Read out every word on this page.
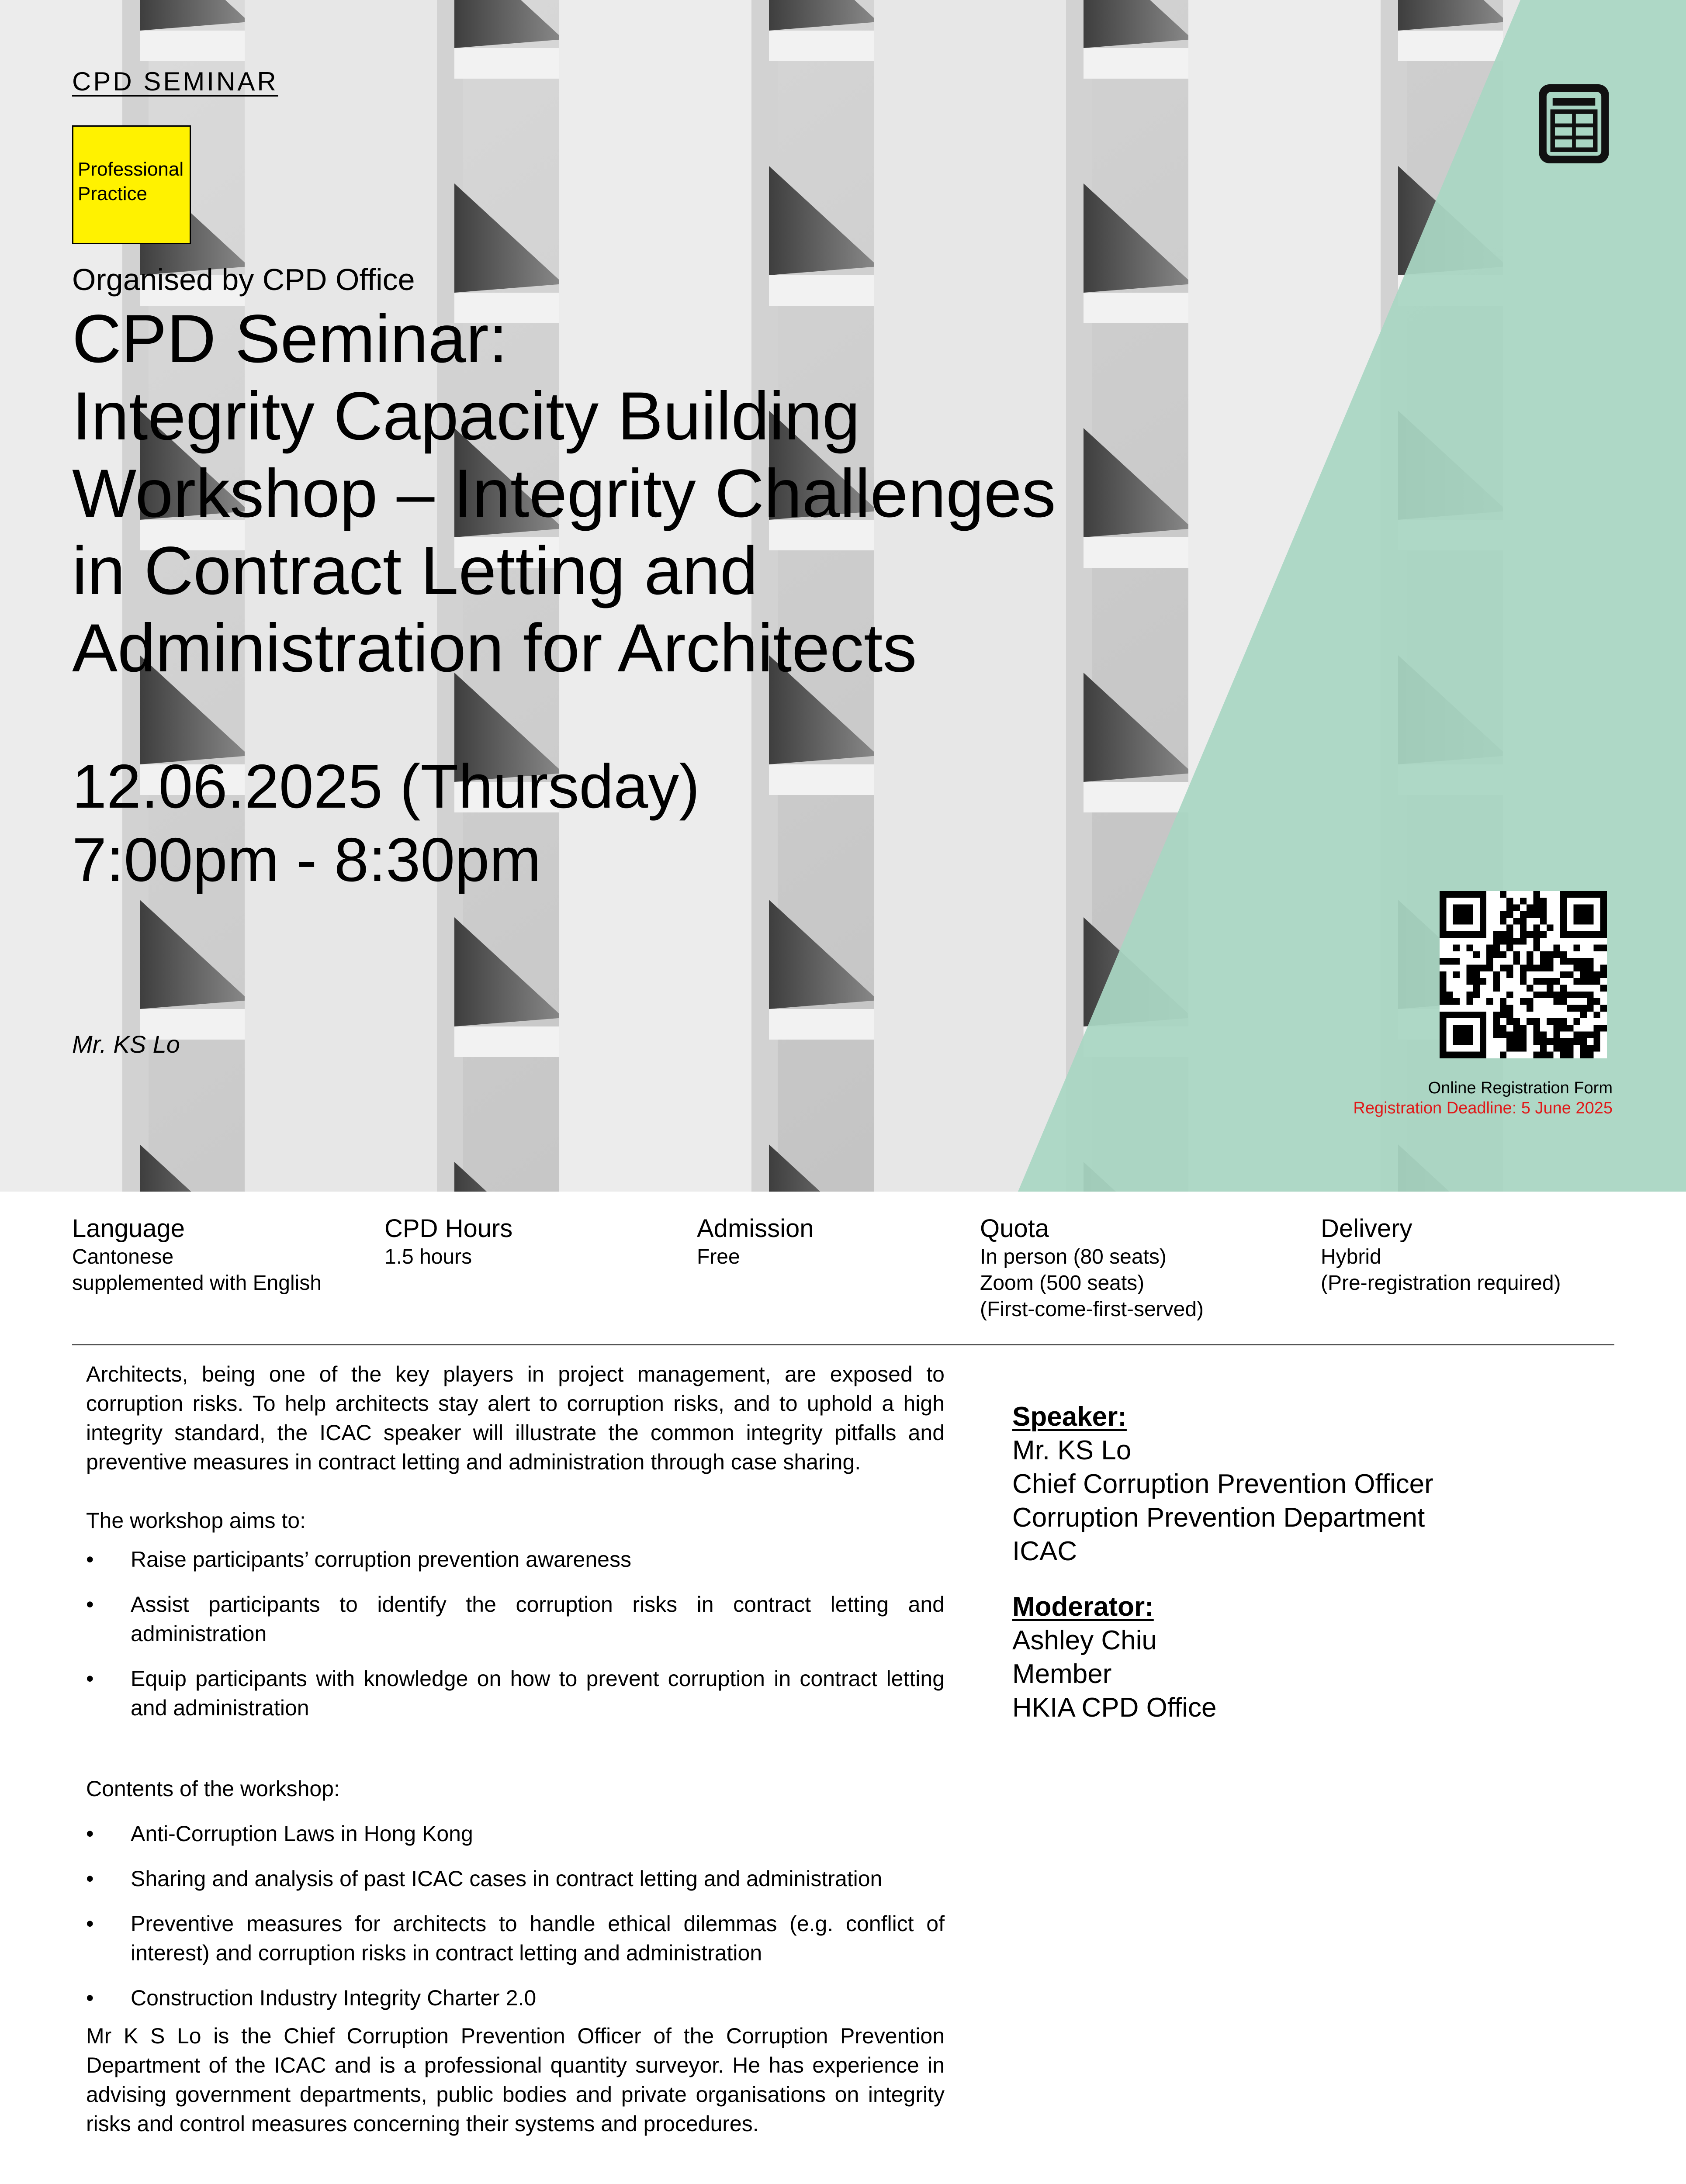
CPD SEMINAR
Professional Practice
Organised by CPD Office
CPD Seminar:
Integrity Capacity Building
Workshop – Integrity Challenges
in Contract Letting and
Administration for Architects
12.06.2025 (Thursday)
7:00pm - 8:30pm
Mr. KS Lo
Online Registration Form
Registration Deadline: 5 June 2025
Language
Cantonese
supplemented with English
CPD Hours
1.5 hours
Admission
Free
Quota
In person (80 seats)
Zoom (500 seats)
(First-come-first-served)
Delivery
Hybrid
(Pre-registration required)

Architects, being one of the key players in project management, are exposed to corruption risks. To help architects stay alert to corruption risks, and to uphold a high integrity standard, the ICAC speaker will illustrate the common integrity pitfalls and preventive measures in contract letting and administration through case sharing.

The workshop aims to:

• Raise participants’ corruption prevention awareness
• Assist participants to identify the corruption risks in contract letting and administration
• Equip participants with knowledge on how to prevent corruption in contract letting and administration

Contents of the workshop:

• Anti-Corruption Laws in Hong Kong
• Sharing and analysis of past ICAC cases in contract letting and administration
• Preventive measures for architects to handle ethical dilemmas (e.g. conflict of interest) and corruption risks in contract letting and administration
• Construction Industry Integrity Charter 2.0

Mr K S Lo is the Chief Corruption Prevention Officer of the Corruption Prevention Department of the ICAC and is a professional quantity surveyor. He has experience in advising government departments, public bodies and private organisations on integrity risks and control measures concerning their systems and procedures.

Speaker:
Mr. KS Lo
Chief Corruption Prevention Officer
Corruption Prevention Department
ICAC
Moderator:
Ashley Chiu
Member
HKIA CPD Office
